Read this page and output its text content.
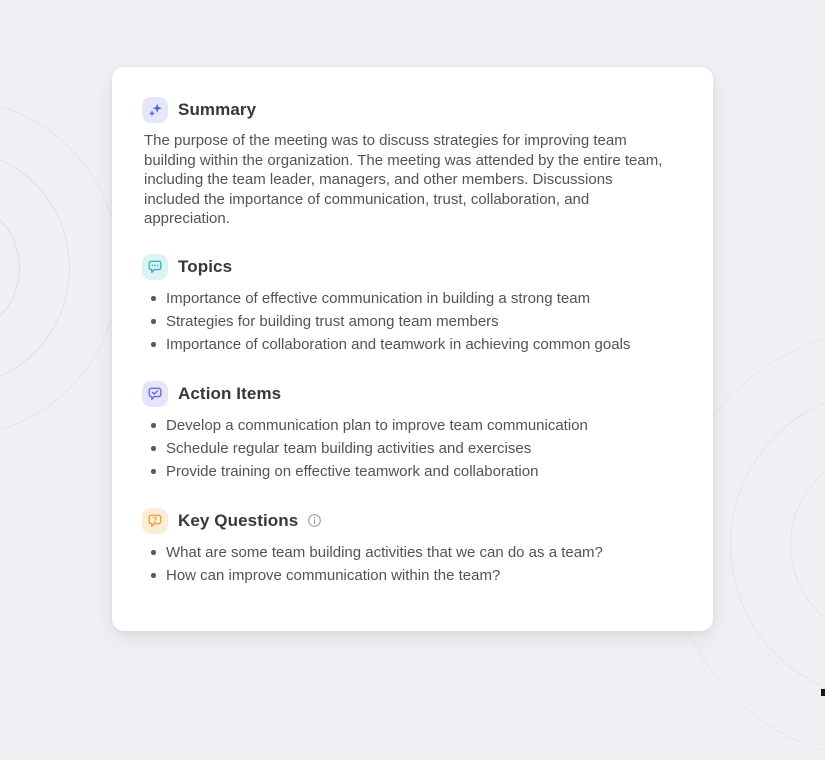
Summary

The purpose of the meeting was to discuss strategies for improving team building within the organization. The meeting was attended by the entire team, including the team leader, managers, and other members. Discussions  included the importance of communication, trust, collaboration, and appreciation.

Topics
Importance of effective communication in building a strong team
Strategies for building trust among team members
Importance of collaboration and teamwork in achieving common goals
Action Items
Develop a communication plan to improve team communication
Schedule regular team building activities and exercises
Provide training on effective teamwork and collaboration
? Key Questions
What are some team building activities that we can do as a team?
How can improve communication within the team?
